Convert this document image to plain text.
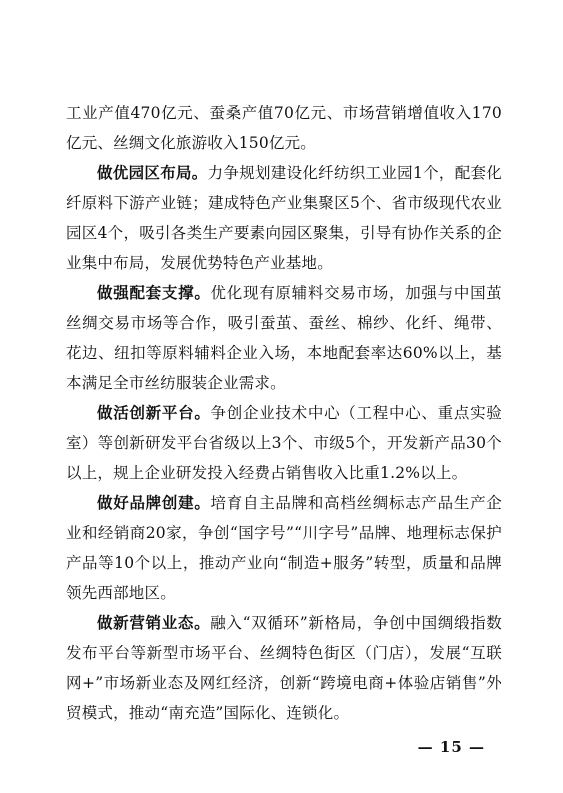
工业产值470亿元、蚕桑产值70亿元、市场营销增值收入170亿元、丝绸文化旅游收入150亿元。

做优园区布局。力争规划建设化纤纺织工业园1个，配套化纤原料下游产业链；建成特色产业集聚区5个、省市级现代农业园区4个，吸引各类生产要素向园区聚集，引导有协作关系的企业集中布局，发展优势特色产业基地。

做强配套支撑。优化现有原辅料交易市场，加强与中国茧丝绸交易市场等合作，吸引蚕茧、蚕丝、棉纱、化纤、绳带、花边、纽扣等原料辅料企业入场，本地配套率达60%以上，基本满足全市丝纺服装企业需求。

做活创新平台。争创企业技术中心（工程中心、重点实验室）等创新研发平台省级以上3个、市级5个，开发新产品30个以上，规上企业研发投入经费占销售收入比重1.2%以上。

做好品牌创建。培育自主品牌和高档丝绸标志产品生产企业和经销商20家，争创“国字号”“川字号”品牌、地理标志保护产品等10个以上，推动产业向“制造+服务”转型，质量和品牌领先西部地区。

做新营销业态。融入“双循环”新格局，争创中国绸缎指数发布平台等新型市场平台、丝绸特色街区（门店），发展“互联网+”市场新业态及网红经济，创新“跨境电商+体验店销售”外贸模式，推动“南充造”国际化、连锁化。

— 15 —
